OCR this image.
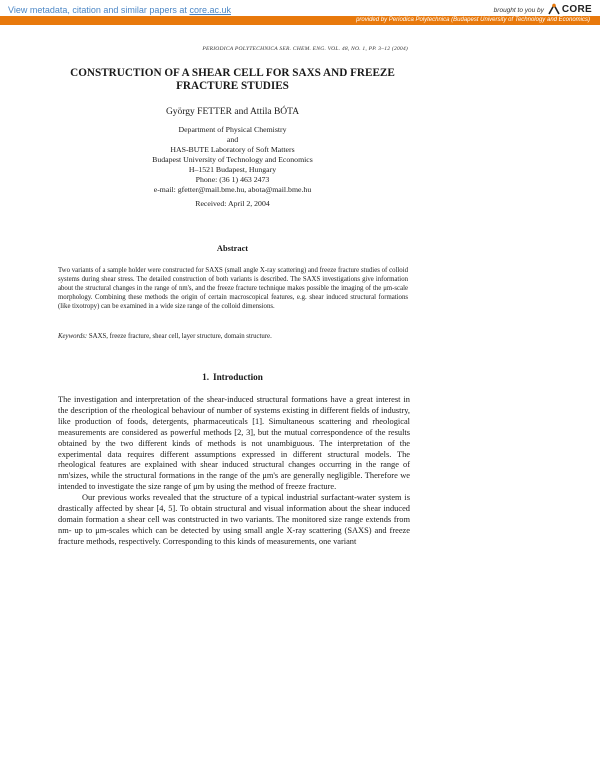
View metadata, citation and similar papers at core.ac.uk	brought to you by CORE
provided by Periodica Polytechnica (Budapest University of Technology and Economics)
PERIODICA POLYTECHNICA SER. CHEM. ENG. VOL. 48, NO. 1, PP. 3–12 (2004)
CONSTRUCTION OF A SHEAR CELL FOR SAXS AND FREEZE FRACTURE STUDIES
György FETTER and Attila BÓTA
Department of Physical Chemistry
and
HAS-BUTE Laboratory of Soft Matters
Budapest University of Technology and Economics
H–1521 Budapest, Hungary
Phone: (36 1) 463 2473
e-mail: gfetter@mail.bme.hu, abota@mail.bme.hu
Received: April 2, 2004
Abstract
Two variants of a sample holder were constructed for SAXS (small angle X-ray scattering) and freeze fracture studies of colloid systems during shear stress. The detailed construction of both variants is described. The SAXS investigations give information about the structural changes in the range of nm's, and the freeze fracture technique makes possible the imaging of the μm-scale morphology. Combining these methods the origin of certain macroscopical features, e.g. shear induced structural formations (like tixotropy) can be examined in a wide size range of the colloid dimensions.
Keywords: SAXS, freeze fracture, shear cell, layer structure, domain structure.
1. Introduction

The investigation and interpretation of the shear-induced structural formations have a great interest in the description of the rheological behaviour of number of systems existing in different fields of industry, like production of foods, detergents, pharmaceuticals [1]. Simultaneous scattering and rheological measurements are considered as powerful methods [2, 3], but the mutual correspondence of the results obtained by the two different kinds of methods is not unambiguous. The interpretation of the experimental data requires different assumptions expressed in different structural models. The rheological features are explained with shear induced structural changes occurring in the range of nm'sizes, while the structural formations in the range of the μm's are generally negligible. Therefore we intended to investigate the size range of μm by using the method of freeze fracture.

Our previous works revealed that the structure of a typical industrial surfactant-water system is drastically affected by shear [4, 5]. To obtain structural and visual information about the shear induced domain formation a shear cell was contstructed in two variants. The monitored size range extends from nm- up to μm-scales which can be detected by using small angle X-ray scattering (SAXS) and freeze fracture methods, respectively. Corresponding to this kinds of measurements, one variant
